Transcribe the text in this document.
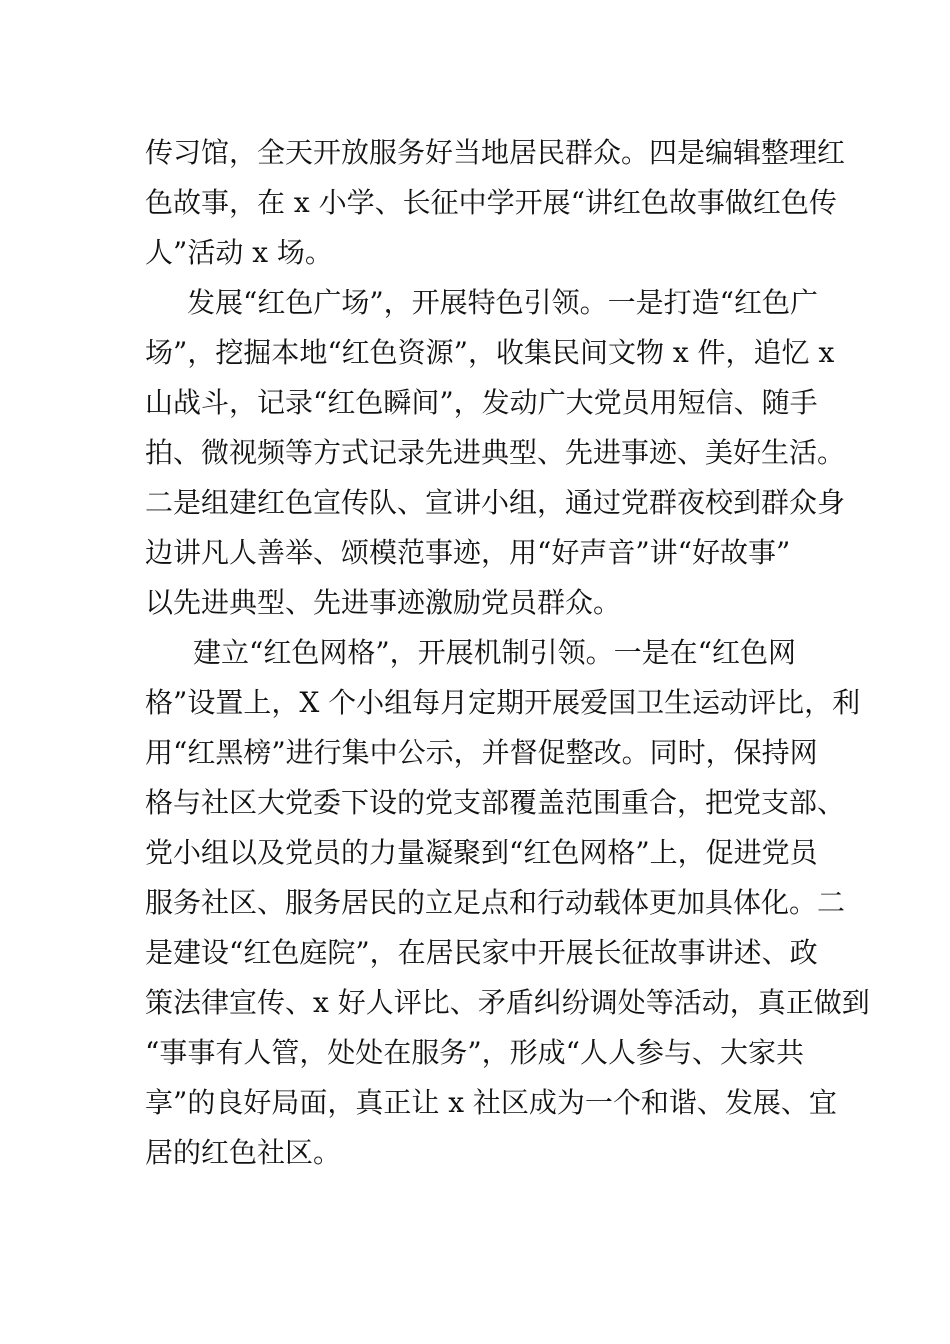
传习馆，全天开放服务好当地居民群众。四是编辑整理红
色故事，在 x 小学、长征中学开展“讲红色故事做红色传
人”活动 x 场。
发展“红色广场”，开展特色引领。一是打造“红色广
场”，挖掘本地“红色资源”，收集民间文物 x 件，追忆 x
山战斗，记录“红色瞬间”，发动广大党员用短信、随手
拍、微视频等方式记录先进典型、先进事迹、美好生活。
二是组建红色宣传队、宣讲小组，通过党群夜校到群众身
边讲凡人善举、颂模范事迹，用“好声音”讲“好故事”
以先进典型、先进事迹激励党员群众。
建立“红色网格”，开展机制引领。一是在“红色网
格”设置上，X 个小组每月定期开展爱国卫生运动评比，利
用“红黑榜”进行集中公示，并督促整改。同时，保持网
格与社区大党委下设的党支部覆盖范围重合，把党支部、
党小组以及党员的力量凝聚到“红色网格”上，促进党员
服务社区、服务居民的立足点和行动载体更加具体化。二
是建设“红色庭院”，在居民家中开展长征故事讲述、政
策法律宣传、x 好人评比、矛盾纠纷调处等活动，真正做到
“事事有人管，处处在服务”，形成“人人参与、大家共
享”的良好局面，真正让 x 社区成为一个和谐、发展、宜
居的红色社区。
